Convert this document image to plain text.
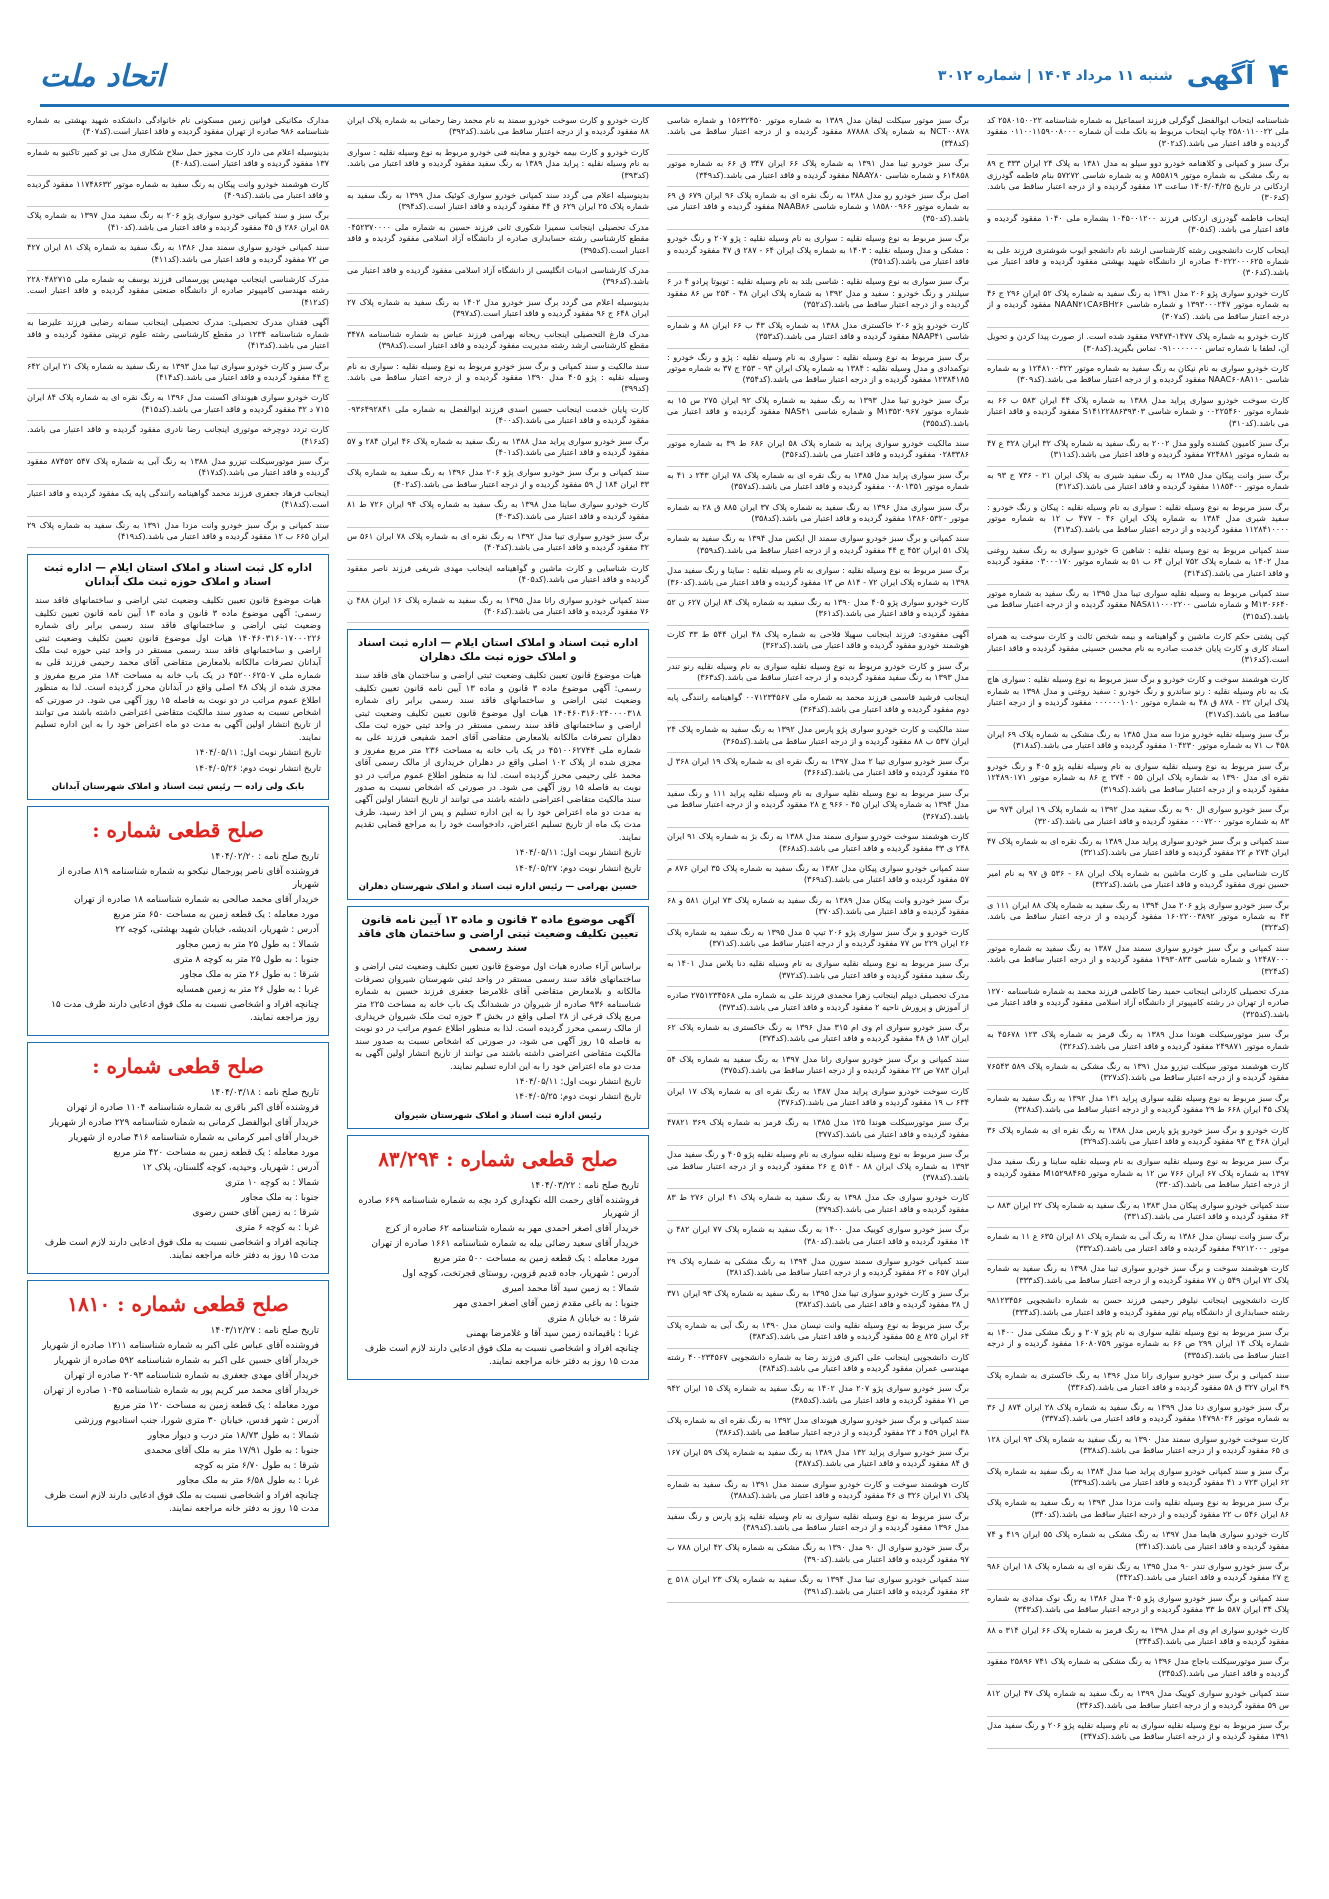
۴
آگهی
شنبه ۱۱ مرداد ۱۴۰۴ | شماره ۳۰۱۲
اتحاد ملت

شناسنامه ایتحاب ابوالفضل گوگرلی فرزند اسماعیل به شماره شناسنامه ۲۵۸۰۱۵۰۰۲۲ کد ملی ۲۵۸۰۱۱۰۰۲۲ چاپ ایتحاب مربوط به بانک ملت آن شماره ۰۱۱۰۰۱۱۵۹۰۰۸۰۰۰ مفقود گردیده و فاقد اعتبار می باشد.(کد۳۰۲)

برگ سبز و کمپانی و کلاهنامه خودرو دوو سیلو به مدل ۱۳۸۱ به پلاک ۲۴ ایران ۳۳۳ ح ۸۹ به رنگ مشکی به شماره موتور ۸۵۵۸۱۹ و به شماره شاسی ۵۷۲۷۲ بنام فاطمه گودرزی اردکانی در تاریخ ۱۴۰۴/۰۴/۲۵ ساعت ۱۳ مفقود گردیده و از درجه اعتبار ساقط می باشد.(کد۳۰۶)

ایتحاب فاطمه گودرزی اردکانی فرزند ۱۰۴۵۰۰۱۲۰۰ بشماره ملی ۱۰۴۰ مفقود گردیده و فاقد اعتبار می باشد. (کد۳۰۵)

ایتحاب کارت دانشجویی رشته کارشناسی ارشد نام دانشجو ایوب شوشتری فرزند علی به شماره ۴۰۲۲۲۰۰۰۶۲۵ صادره از دانشگاه شهید بهشتی مفقود گردیده و فاقد اعتبار می باشد.(کد۳۰۶)

کارت خودرو سواری پژو ۲۰۶ مدل ۱۳۹۱ به رنگ سفید به شماره پلاک ۵۲ ایران ۲۹۶ ج ۴۶ به شماره موتور ۱۳۹۳۰۰۰۲۴۷ و شماره شاسی NAAN۲۱CA۶BH۲۶ مفقود گردیده و از درجه اعتبار ساقط می باشد. (کد۳۰۷)

کارت خودرو به شماره پلاک ۱۴۷۷-۷۹۴۷۴ مفقود شده است. از صورت پیدا کردن و تحویل آن، لطفا با شماره تماس ۰۹۱۰۰۰۰۰۰۰ تماس بگیرید.(کد۳۰۸)

کارت خودرو سواری به نام نیکان به رنگ سفید به شماره موتور ۱۲۴۸۱۰۰۳۲۲ و به شماره شاسی NAAC۶۰۸A۱۱۰ مفقود گردیده و از درجه اعتبار ساقط می باشد.(کد۳۰۹)

کارت سوخت خودرو سواری پراید مدل ۱۳۸۸ به شماره پلاک ۴۴ ایران ۵۸۳ ب ۶۶ به شماره موتور ۰۰۲۲۵۴۶۰ و شماره شاسی S۱۴۱۲۲۸۸۶۳۹۳۰۳ مفقود گردیده و فاقد اعتبار می باشد.(کد۳۱۰)

برگ سبز کامیون کشنده ولوو مدل ۲۰۰۲ به رنگ سفید به شماره پلاک ۳۲ ایران ۳۲۸ ع ۴۷ به شماره موتور ۷۲۴۸۸۱ مفقود گردیده و فاقد اعتبار می باشد.(کد۳۱۱)

برگ سبز وانت پیکان مدل ۱۳۸۵ به رنگ سفید شیری به پلاک ایران ۲۱ - ۷۳۶ ج ۹۳ به شماره موتور ۱۱۸۵۴۰۰ مفقود گردیده و فاقد اعتبار می باشد.(کد۳۱۲)

برگ سبز مربوط به نوع وسیله نقلیه : سواری به نام وسیله نقلیه : پیکان و رنگ خودرو : سفید شیری مدل ۱۳۸۴ به شماره پلاک ایران ۴۶ - ۴۷۷ ب ۱۲ به شماره موتور ۱۱۲۸۴۱۰۰۰۰ مفقود گردیده و از درجه اعتبار ساقط می باشد.(کد۳۱۳)

سند کمپانی مربوط به نوع وسیله نقلیه : شاهین G خودرو سواری به رنگ سفید روغنی مدل ۱۴۰۲ به شماره پلاک ۷۵۲ ایران ۶۴ ب ۵۱ به شماره موتور ۰۳۰۰۰۱۷۰ مفقود گردیده و فاقد اعتبار می باشد.(کد۳۱۴)

سند کمپانی مربوط به وسیله نقلیه سواری تیبا مدل ۱۳۹۵ به رنگ سفید به شماره موتور M۱۳۰۶۶۴۰ و شماره شاسی NAS۸۱۱۰۰۰۲۲۰۰ مفقود گردیده و از درجه اعتبار ساقط می باشد.(کد۳۱۵)

کپی پشتی حکم کارت ماشین و گواهینامه و بیمه شخص ثالث و کارت سوخت به همراه اسناد کاری و کارت پایان خدمت صادره به نام محسن حسینی مفقود گردیده و فاقد اعتبار است.(کد۳۱۶)

کارت هوشمند سوخت و کارت خودرو و برگ سبز مربوط به نوع وسیله نقلیه : سواری هاچ بک به نام وسیله نقلیه : رنو ساندرو و رنگ خودرو : سفید روغنی و مدل ۱۳۹۸ به شماره پلاک ایران ۲۲ - ۸۷۸ ق ۴۸ به شماره موتور ۰۰۰۰۰۰۱۰۱۰ مفقود گردیده و از درجه اعتبار ساقط می باشد.(کد۳۱۷)

برگ سبز وسیله نقلیه خودرو مزدا سه مدل ۱۳۸۵ به رنگ مشکی به شماره پلاک ۶۹ ایران ۴۵۸ ب ۷۱ به شماره موتور ۱۰۴۲۳۰ مفقود گردیده و فاقد اعتبار می باشد.(کد۳۱۸)

برگ سبز مربوط به نوع وسیله نقلیه سواری به نام وسیله نقلیه پژو ۴۰۵ و رنگ خودرو نقره ای مدل ۱۳۹۰ به شماره پلاک ایران ۵۵ - ۳۷۴ ج ۸۶ به شماره موتور ۱۲۴۸۹۰۱۷۱ مفقود گردیده و از درجه اعتبار ساقط می باشد.(کد۳۱۹)

برگ سبز خودرو سواری ال ۹۰ به رنگ سفید مدل ۱۳۹۲ به شماره پلاک ۱۹ ایران ۹۷۴ س ۸۳ به شماره موتور ۰۰۰۷۲۰۰ مفقود گردیده و فاقد اعتبار می باشد.(کد۳۲۰)

سند کمپانی و برگ سبز خودرو سواری پراید مدل ۱۳۸۹ به رنگ نقره ای به شماره پلاک ۴۷ ایران ۲۷۴ م ۲۲ مفقود گردیده و فاقد اعتبار می باشد.(کد۳۲۱)

کارت شناسایی ملی و کارت ماشین به شماره پلاک ایران ۶۸ - ۵۳۶ ق ۹۷ به نام امیر حسین نوری مفقود گردیده و فاقد اعتبار می باشد.(کد۳۲۲)

برگ سبز خودرو سواری پژو ۲۰۶ مدل ۱۳۹۴ به رنگ سفید به شماره پلاک ۸۸ ایران ۱۱۱ ی ۴۳ به شماره موتور ۱۶۰۲۲۰۰۳۸۹۲ مفقود گردیده و از درجه اعتبار ساقط می باشد.(کد۳۲۳)

سند کمپانی و برگ سبز خودرو سواری سمند مدل ۱۳۸۷ به رنگ سفید به شماره موتور ۱۲۴۸۷۰۰۰ و شماره شاسی ۱۴۹۳۰۸۳۳ مفقود گردیده و از درجه اعتبار ساقط می باشد.(کد۳۲۴)

مدرک تحصیلی کاردانی اینجانب حمید رضا کاظمی فرزند محمد به شماره شناسنامه ۱۲۷۰ صادره از تهران در رشته کامپیوتر از دانشگاه آزاد اسلامی مفقود گردیده و فاقد اعتبار می باشد.(کد۳۲۵)

برگ سبز موتورسیکلت هوندا مدل ۱۳۸۹ به رنگ قرمز به شماره پلاک ۱۲۳ ۴۵۶۷۸ به شماره موتور ۲۴۹۸۷۱ مفقود گردیده و فاقد اعتبار می باشد.(کد۳۲۶)

کارت هوشمند موتور سیکلت تیزرو مدل ۱۳۹۱ به رنگ مشکی به شماره پلاک ۵۸۹ ۷۶۵۴۳ مفقود گردیده و از درجه اعتبار ساقط می باشد.(کد۳۲۷)

برگ سبز مربوط به نوع وسیله نقلیه سواری پراید ۱۳۱ مدل ۱۳۹۲ به رنگ سفید به شماره پلاک ۴۵ ایران ۶۶۸ ط ۲۹ مفقود گردیده و از درجه اعتبار ساقط می باشد.(کد۳۲۸)

کارت خودرو و برگ سبز خودرو پژو پارس مدل ۱۳۸۸ به رنگ نقره ای به شماره پلاک ۳۶ ایران ۴۶۸ ج ۹۳ مفقود گردیده و فاقد اعتبار می باشد.(کد۳۲۹)

برگ سبز مربوط به نوع وسیله نقلیه سواری به نام وسیله نقلیه ساینا و رنگ سفید مدل ۱۳۹۷ به شماره پلاک ۶۷ ایران ۷۶۶ س ۱۲ به شماره موتور M۱۵۲۹۸۴۶۵ مفقود گردیده و از درجه اعتبار ساقط می باشد.(کد۳۳۰)

سند کمپانی خودرو سواری پیکان مدل ۱۳۸۳ به رنگ سفید به شماره پلاک ۲۲ ایران ۸۸۳ ب ۶۴ مفقود گردیده و فاقد اعتبار می باشد.(کد۳۳۱)

برگ سبز وانت نیسان مدل ۱۳۸۶ به رنگ آبی به شماره پلاک ۸۱ ایران ۶۳۵ ع ۱۱ به شماره موتور ۴۹۲۱۲۰۰۰ مفقود گردیده و فاقد اعتبار می باشد.(کد۳۳۲)

کارت هوشمند سوخت و برگ سبز خودرو سواری تیبا مدل ۱۳۹۸ به رنگ سفید به شماره پلاک ۷۲ ایران ۵۴۹ ن ۷۷ مفقود گردیده و از درجه اعتبار ساقط می باشد.(کد۳۳۳)

کارت دانشجویی اینجانب نیلوفر رحیمی فرزند حسن به شماره دانشجویی ۹۸۱۲۳۴۵۶ رشته حسابداری از دانشگاه پیام نور مفقود گردیده و فاقد اعتبار می باشد.(کد۳۳۴)

برگ سبز مربوط به نوع وسیله نقلیه سواری به نام پژو ۲۰۷ و رنگ مشکی مدل ۱۴۰۰ به شماره پلاک ۱۴ ایران ۲۹۹ ص ۶۶ به شماره موتور ۱۶۰۸۰۷۵۹ مفقود گردیده و از درجه اعتبار ساقط می باشد.(کد۳۳۵)

سند کمپانی و برگ سبز خودرو سواری رانا مدل ۱۳۹۶ به رنگ خاکستری به شماره پلاک ۴۹ ایران ۳۲۷ ق ۵۸ مفقود گردیده و فاقد اعتبار می باشد.(کد۳۳۶)

برگ سبز خودرو سواری دنا مدل ۱۳۹۹ به رنگ سفید به شماره پلاک ۲۸ ایران ۸۷۴ ل ۳۶ به شماره موتور ۱۴۷۹۸۰۳۶ مفقود گردیده و فاقد اعتبار می باشد.(کد۳۳۷)

کارت سوخت خودرو سواری سمند مدل ۱۳۹۰ به رنگ سفید به شماره پلاک ۹۳ ایران ۱۲۸ ی ۶۵ مفقود گردیده و از درجه اعتبار ساقط می باشد.(کد۳۳۸)

برگ سبز و سند کمپانی خودرو سواری پراید صبا مدل ۱۳۸۴ به رنگ سفید به شماره پلاک ۶۲ ایران ۷۲۳ د ۴۱ مفقود گردیده و فاقد اعتبار می باشد.(کد۳۳۹)

برگ سبز مربوط به نوع وسیله نقلیه وانت مزدا مدل ۱۳۹۳ به رنگ سفید به شماره پلاک ۸۶ ایران ۵۴۶ ب ۲۲ مفقود گردیده و از درجه اعتبار ساقط می باشد.(کد۳۴۰)

کارت خودرو سواری هایما مدل ۱۳۹۷ به رنگ مشکی به شماره پلاک ۵۵ ایران ۴۱۹ و ۷۴ مفقود گردیده و فاقد اعتبار می باشد.(کد۳۴۱)

برگ سبز خودرو سواری تندر ۹۰ مدل ۱۳۹۵ به رنگ نقره ای به شماره پلاک ۱۸ ایران ۹۸۶ ج ۲۷ مفقود گردیده و فاقد اعتبار می باشد.(کد۳۴۲)

سند کمپانی و برگ سبز خودرو سواری پژو ۴۰۵ مدل ۱۳۸۶ به رنگ نوک مدادی به شماره پلاک ۳۴ ایران ۵۸۷ ط ۳۳ مفقود گردیده و از درجه اعتبار ساقط می باشد.(کد۳۴۳)

کارت خودرو سواری ام وی ام مدل ۱۳۹۸ به رنگ قرمز به شماره پلاک ۶۶ ایران ۳۱۴ ه ۸۸ مفقود گردیده و فاقد اعتبار می باشد.(کد۳۴۴)

برگ سبز موتورسیکلت باجاج مدل ۱۳۹۶ به رنگ مشکی به شماره پلاک ۷۴۱ ۲۵۸۹۶ مفقود گردیده و فاقد اعتبار می باشد.(کد۳۴۵)

سند کمپانی خودرو سواری کوییک مدل ۱۳۹۹ به رنگ سفید به شماره پلاک ۴۷ ایران ۸۱۲ س ۵۹ مفقود گردیده و از درجه اعتبار ساقط می باشد.(کد۳۴۶)

برگ سبز مربوط به نوع وسیله نقلیه سواری به نام وسیله نقلیه پژو ۲۰۶ و رنگ سفید مدل ۱۳۹۱ مفقود گردیده و از درجه اعتبار ساقط می باشد.(کد۳۴۷)

برگ سبز موتور سیکلت لیفان مدل ۱۳۸۹ به شماره موتور ۱۵۶۳۲۴۵۰ و شماره شاسی NCT۰۰۸۷۸ به شماره پلاک ۸۷۸۸۸ مفقود گردیده و از درجه اعتبار ساقط می باشد.(کد۳۴۸)

برگ سبز خودرو تیبا مدل ۱۳۹۱ به شماره پلاک ۶۶ ایران ۳۴۷ ق ۶۶ به شماره موتور ۶۱۴۸۵۸ و شماره شاسی NAAY۸۰ مفقود گردیده و فاقد اعتبار می باشد.(کد۳۴۹)

اصل برگ سبز خودرو رو مدل ۱۳۸۸ به رنگ نقره ای به شماره پلاک ۹۶ ایران ۶۷۹ ق ۶۹ به شماره موتور ۱۸۵۸۰۰۹۶۶ و شماره شاسی NAAB۸۶ مفقود گردیده و فاقد اعتبار می باشد.(کد۳۵۰)

برگ سبز مربوط به نوع وسیله نقلیه : سواری به نام وسیله نقلیه : پژو ۲۰۷ و رنگ خودرو : مشکی و مدل وسیله نقلیه : ۱۴۰۳ به شماره پلاک ایران ۶۴ - ۲۸۷ ق ۴۷ مفقود گردیده و فاقد اعتبار می باشد.(کد۳۵۱)

برگ سبز سواری به نوع وسیله نقلیه : شاسی بلند به نام وسیله نقلیه : تویوتا پرادو ۴ در ۶ سیلندر و رنگ خودرو : سفید و مدل ۱۳۹۲ به شماره پلاک ایران ۴۸ - ۲۵۴ س ۸۶ مفقود گردیده و از درجه اعتبار ساقط می باشد.(کد۳۵۲)

کارت خودرو پژو ۲۰۶ خاکستری مدل ۱۳۸۸ به شماره پلاک ۴۳ ب ۶۶ ایران ۸۸ و شماره شاسی NAAP۴۱ مفقود گردیده و فاقد اعتبار می باشد.(کد۳۵۳)

برگ سبز مربوط به نوع وسیله نقلیه : سواری به نام وسیله نقلیه : پژو و رنگ خودرو : نوکمدادی و مدل وسیله نقلیه : ۱۳۸۴ به شماره پلاک ایران ۹۳ - ۲۵۳ ج ۳۷ به شماره موتور ۱۲۳۸۴۱۸۵ مفقود گردیده و از درجه اعتبار ساقط می باشد.(کد۳۵۴)

برگ سبز خودرو تیبا مدل ۱۳۹۳ به رنگ سفید به شماره پلاک ۹۲ ایران ۲۷۵ س ۱۵ به شماره موتور M۱۳۵۲۰۹۶۷ و شماره شاسی NAS۴۱ مفقود گردیده و فاقد اعتبار می باشد.(کد۳۵۵)

سند مالکیت خودرو سواری پراید به شماره پلاک ۵۸ ایران ۶۸۶ ط ۳۹ به شماره موتور ۰۲۸۳۳۸۶ مفقود گردیده و فاقد اعتبار می باشد.(کد۳۵۶)

برگ سبز سواری پراید مدل ۱۳۸۵ به رنگ نقره ای به شماره پلاک ۷۸ ایران ۲۴۳ د ۴۱ به شماره موتور ۰۰۸۰۱۳۵۱ مفقود گردیده و فاقد اعتبار می باشد.(کد۳۵۷)

برگ سبز سواری مدل ۱۳۹۶ به رنگ سفید به شماره پلاک ۳۷ ایران ۸۸۵ ق ۲۸ به شماره موتور ۱۳۸۶۰۵۳۲۰ مفقود گردیده و فاقد اعتبار می باشد.(کد۳۵۸)

سند کمپانی و برگ سبز خودرو سواری سمند ال ایکس مدل ۱۳۹۴ به رنگ سفید به شماره پلاک ۵۱ ایران ۴۵۲ ج ۴۴ مفقود گردیده و از درجه اعتبار ساقط می باشد.(کد۳۵۹)

برگ سبز مربوط به نوع وسیله نقلیه : سواری به نام وسیله نقلیه : ساینا و رنگ سفید مدل ۱۳۹۸ به شماره پلاک ایران ۷۲ - ۸۱۴ ص ۱۳ مفقود گردیده و فاقد اعتبار می باشد.(کد۳۶۰)

کارت خودرو سواری پژو ۴۰۵ مدل ۱۳۹۰ به رنگ سفید به شماره پلاک ۸۴ ایران ۶۲۷ ن ۵۲ مفقود گردیده و فاقد اعتبار می باشد.(کد۳۶۱)

آگهی مفقودی: فرزند اینجانب سهیلا فلاحی به شماره پلاک ۴۸ ایران ۵۴۴ ط ۳۳ کارت هوشمند خودرو مفقود گردیده و فاقد اعتبار می باشد.(کد۳۶۲)

برگ سبز و کارت خودرو مربوط به نوع وسیله نقلیه سواری به نام وسیله نقلیه رنو تندر مدل ۱۳۹۳ به رنگ سفید مفقود گردیده و از درجه اعتبار ساقط می باشد.(کد۳۶۳)

اینجانب فرشید قاسمی فرزند محمد به شماره ملی ۰۰۷۱۲۳۴۵۶۷ گواهینامه رانندگی پایه دوم مفقود گردیده و فاقد اعتبار می باشد.(کد۳۶۴)

سند مالکیت و کارت خودرو سواری پژو پارس مدل ۱۳۹۲ به رنگ سفید به شماره پلاک ۲۴ ایران ۵۳۷ ب ۸۸ مفقود گردیده و از درجه اعتبار ساقط می باشد.(کد۳۶۵)

برگ سبز خودرو سواری تیبا ۲ مدل ۱۳۹۷ به رنگ نقره ای به شماره پلاک ۱۹ ایران ۳۶۸ ل ۲۵ مفقود گردیده و فاقد اعتبار می باشد.(کد۳۶۶)

برگ سبز مربوط به نوع وسیله نقلیه سواری به نام وسیله نقلیه پراید ۱۱۱ و رنگ سفید مدل ۱۳۹۴ به شماره پلاک ایران ۴۵ - ۹۶۶ ج ۲۸ مفقود گردیده و از درجه اعتبار ساقط می باشد.(کد۳۶۷)

کارت هوشمند سوخت خودرو سواری سمند مدل ۱۳۸۸ به رنگ بژ به شماره پلاک ۹۱ ایران ۲۴۸ ی ۳۳ مفقود گردیده و فاقد اعتبار می باشد.(کد۳۶۸)

سند کمپانی خودرو سواری پیکان مدل ۱۳۸۲ به رنگ سفید به شماره پلاک ۳۵ ایران ۸۷۶ م ۵۷ مفقود گردیده و فاقد اعتبار می باشد.(کد۳۶۹)

برگ سبز خودرو وانت پیکان مدل ۱۳۸۹ به رنگ سفید به شماره پلاک ۷۳ ایران ۵۸۱ و ۶۸ مفقود گردیده و فاقد اعتبار می باشد.(کد۳۷۰)

کارت خودرو و برگ سبز سواری پژو ۲۰۶ تیپ ۵ مدل ۱۳۹۵ به رنگ سفید به شماره پلاک ۲۶ ایران ۲۲۹ س ۷۷ مفقود گردیده و از درجه اعتبار ساقط می باشد.(کد۳۷۱)

برگ سبز مربوط به نوع وسیله نقلیه سواری به نام وسیله نقلیه دنا پلاس مدل ۱۴۰۱ به رنگ سفید مفقود گردیده و فاقد اعتبار می باشد.(کد۳۷۲)

مدرک تحصیلی دیپلم اینجانب زهرا محمدی فرزند علی به شماره ملی ۲۷۵۱۲۳۴۵۶۸ صادره از آموزش و پرورش ناحیه ۲ مفقود گردیده و فاقد اعتبار می باشد.(کد۳۷۳)

برگ سبز خودرو سواری ام وی ام ۳۱۵ مدل ۱۳۹۶ به رنگ خاکستری به شماره پلاک ۶۲ ایران ۱۸۳ ق ۴۸ مفقود گردیده و فاقد اعتبار می باشد.(کد۳۷۴)

سند کمپانی و برگ سبز خودرو سواری رانا مدل ۱۳۹۷ به رنگ سفید به شماره پلاک ۵۴ ایران ۷۸۳ ص ۲۲ مفقود گردیده و از درجه اعتبار ساقط می باشد.(کد۳۷۵)

کارت سوخت خودرو سواری پراید مدل ۱۳۸۷ به رنگ نقره ای به شماره پلاک ۱۷ ایران ۶۳۴ ب ۱۹ مفقود گردیده و فاقد اعتبار می باشد.(کد۳۷۶)

برگ سبز موتورسیکلت هوندا ۱۲۵ مدل ۱۳۸۵ به رنگ قرمز به شماره پلاک ۳۶۹ ۴۷۸۲۱ مفقود گردیده و فاقد اعتبار می باشد.(کد۳۷۷)

برگ سبز مربوط به نوع وسیله نقلیه سواری به نام وسیله نقلیه پژو ۴۰۵ و رنگ سفید مدل ۱۳۹۳ به شماره پلاک ایران ۸۸ - ۵۱۴ ج ۲۶ مفقود گردیده و از درجه اعتبار ساقط می باشد.(کد۳۷۸)

کارت خودرو سواری جک مدل ۱۳۹۸ به رنگ سفید به شماره پلاک ۴۱ ایران ۲۷۶ ط ۸۳ مفقود گردیده و فاقد اعتبار می باشد.(کد۳۷۹)

برگ سبز خودرو سواری کوییک مدل ۱۴۰۰ به رنگ سفید به شماره پلاک ۷۷ ایران ۴۸۲ ن ۱۴ مفقود گردیده و فاقد اعتبار می باشد.(کد۳۸۰)

سند کمپانی خودرو سواری سمند سورن مدل ۱۳۹۴ به رنگ مشکی به شماره پلاک ۲۹ ایران ۶۵۷ ه ۶۲ مفقود گردیده و از درجه اعتبار ساقط می باشد.(کد۳۸۱)

برگ سبز و کارت خودرو سواری تیبا مدل ۱۳۹۵ به رنگ سفید به شماره پلاک ۹۳ ایران ۳۷۱ ل ۳۸ مفقود گردیده و فاقد اعتبار می باشد.(کد۳۸۲)

برگ سبز مربوط به نوع وسیله نقلیه وانت نیسان مدل ۱۳۹۰ به رنگ آبی به شماره پلاک ۶۴ ایران ۸۲۵ ع ۵۵ مفقود گردیده و فاقد اعتبار می باشد.(کد۳۸۳)

کارت دانشجویی اینجانب علی اکبری فرزند رضا به شماره دانشجویی ۴۰۰۲۳۴۵۶۷ رشته مهندسی عمران مفقود گردیده و فاقد اعتبار می باشد.(کد۳۸۴)

برگ سبز خودرو سواری پژو ۲۰۷ مدل ۱۴۰۲ به رنگ سفید به شماره پلاک ۱۵ ایران ۹۴۲ ص ۷۱ مفقود گردیده و فاقد اعتبار می باشد.(کد۳۸۵)

سند کمپانی و برگ سبز خودرو سواری هیوندای مدل ۱۳۹۲ به رنگ نقره ای به شماره پلاک ۳۸ ایران ۴۵۹ د ۲۳ مفقود گردیده و از درجه اعتبار ساقط می باشد.(کد۳۸۶)

برگ سبز خودرو سواری پراید ۱۳۲ مدل ۱۳۸۹ به رنگ سفید به شماره پلاک ۵۹ ایران ۱۶۷ ق ۸۴ مفقود گردیده و فاقد اعتبار می باشد.(کد۳۸۷)

کارت هوشمند سوخت و کارت خودرو سواری سمند مدل ۱۳۹۱ به رنگ سفید به شماره پلاک ۷۱ ایران ۳۲۶ ی ۴۶ مفقود گردیده و فاقد اعتبار می باشد.(کد۳۸۸)

برگ سبز مربوط به نوع وسیله نقلیه سواری به نام وسیله نقلیه پژو پارس و رنگ سفید مدل ۱۳۹۶ مفقود گردیده و از درجه اعتبار ساقط می باشد.(کد۳۸۹)

برگ سبز خودرو سواری ال ۹۰ مدل ۱۳۹۰ به رنگ مشکی به شماره پلاک ۴۲ ایران ۷۸۸ ب ۹۷ مفقود گردیده و فاقد اعتبار می باشد.(کد۳۹۰)

سند کمپانی خودرو سواری تیبا مدل ۱۳۹۴ به رنگ سفید به شماره پلاک ۲۳ ایران ۵۱۸ ج ۶۳ مفقود گردیده و فاقد اعتبار می باشد.(کد۳۹۱)

کارت خودرو و کارت سوخت خودرو سمند به نام محمد رضا رحمانی به شماره پلاک ایران ۸۸ مفقود گردیده و از درجه اعتبار ساقط می باشد.(کد۳۹۲)

کارت خودرو و کارت بیمه خودرو و معاینه فنی خودرو مربوط به نوع وسیله نقلیه : سواری به نام وسیله نقلیه : پراید مدل ۱۳۸۹ به رنگ سفید مفقود گردیده و فاقد اعتبار می باشد.(کد۳۹۳)

بدینوسیله اعلام می گردد سند کمپانی خودرو سواری کوئیک مدل ۱۳۹۹ به رنگ سفید به شماره پلاک ۲۵ ایران ۶۲۹ ق ۴۴ مفقود گردیده و فاقد اعتبار است.(کد۳۹۴)

مدرک تحصیلی اینجانب سمیرا شکوری ثانی فرزند حسین به شماره ملی ۰۴۵۲۳۷۰۰۰۰ مقطع کارشناسی رشته حسابداری صادره از دانشگاه آزاد اسلامی مفقود گردیده و فاقد اعتبار است.(کد۳۹۵)

مدرک کارشناسی ادبیات انگلیسی از دانشگاه آزاد اسلامی مفقود گردیده و فاقد اعتبار می باشد.(کد۳۹۶)

بدینوسیله اعلام می گردد برگ سبز خودرو مدل ۱۴۰۲ به رنگ سفید به شماره پلاک ۲۷ ایران ۶۴۸ ج ۹۶ مفقود گردیده و فاقد اعتبار است.(کد۳۹۷)

مدرک فارغ التحصیلی اینجانب ریحانه بهرامی فرزند عباس به شماره شناسنامه ۳۴۷۸ مقطع کارشناسی ارشد رشته مدیریت مفقود گردیده و فاقد اعتبار است.(کد۳۹۸)

سند مالکیت و سند کمپانی و برگ سبز خودرو مربوط به نوع وسیله نقلیه : سواری به نام وسیله نقلیه : پژو ۴۰۵ مدل ۱۳۹۰ مفقود گردیده و از درجه اعتبار ساقط می باشد.(کد۳۹۹)

کارت پایان خدمت اینجانب حسین اسدی فرزند ابوالفضل به شماره ملی ۰۹۳۶۴۹۲۸۴۱ مفقود گردیده و فاقد اعتبار می باشد.(کد۴۰۰)

برگ سبز خودرو سواری پراید مدل ۱۳۸۸ به رنگ سفید به شماره پلاک ۴۶ ایران ۲۸۴ و ۵۷ مفقود گردیده و فاقد اعتبار می باشد.(کد۴۰۱)

سند کمپانی و برگ سبز خودرو سواری پژو ۲۰۶ مدل ۱۳۹۶ به رنگ سفید به شماره پلاک ۳۳ ایران ۱۸۴ ل ۵۹ مفقود گردیده و از درجه اعتبار ساقط می باشد.(کد۴۰۲)

کارت خودرو سواری ساینا مدل ۱۳۹۸ به رنگ سفید به شماره پلاک ۹۴ ایران ۷۲۶ ط ۸۱ مفقود گردیده و فاقد اعتبار می باشد.(کد۴۰۳)

برگ سبز خودرو سواری تیبا مدل ۱۳۹۲ به رنگ نقره ای به شماره پلاک ۷۸ ایران ۵۶۱ س ۳۲ مفقود گردیده و فاقد اعتبار می باشد.(کد۴۰۴)

کارت شناسایی و کارت ماشین و گواهینامه اینجانب مهدی شریفی فرزند ناصر مفقود گردیده و فاقد اعتبار می باشد.(کد۴۰۵)

سند کمپانی خودرو سواری رانا مدل ۱۳۹۵ به رنگ سفید به شماره پلاک ۱۶ ایران ۴۸۸ ن ۷۶ مفقود گردیده و فاقد اعتبار می باشد.(کد۴۰۶)

اداره ثبت اسناد و املاک استان ایلام — اداره ثبت اسناد و املاک حوزه ثبت ملک دهلران

هیات موضوع قانون تعیین تکلیف وضعیت ثبتی اراضی و ساختمان های فاقد سند رسمی: آگهی موضوع ماده ۳ قانون و ماده ۱۳ آیین نامه قانون تعیین تکلیف وضعیت ثبتی اراضی و ساختمانهای فاقد سند رسمی برابر رای شماره ۱۴۰۴۶۰۳۱۶۰۲۴۰۰۰۰۳۱۸ هیات اول موضوع قانون تعیین تکلیف وضعیت ثبتی اراضی و ساختمانهای فاقد سند رسمی مستقر در واحد ثبتی حوزه ثبت ملک دهلران تصرفات مالکانه بلامعارض متقاضی آقای احمد شفیعی فرزند علی به شماره ملی ۴۵۱۰۰۶۲۷۴۴ در یک باب خانه به مساحت ۲۳۶ متر مربع مفروز و مجزی شده از پلاک ۱۰۲ اصلی واقع در دهلران خریداری از مالک رسمی آقای محمد علی رحیمی محرز گردیده است. لذا به منظور اطلاع عموم مراتب در دو نوبت به فاصله ۱۵ روز آگهی می شود. در صورتی که اشخاص نسبت به صدور سند مالکیت متقاضی اعتراضی داشته باشند می توانند از تاریخ انتشار اولین آگهی به مدت دو ماه اعتراض خود را به این اداره تسلیم و پس از اخذ رسید، ظرف مدت یک ماه از تاریخ تسلیم اعتراض، دادخواست خود را به مراجع قضایی تقدیم نمایند.

تاریخ انتشار نوبت اول: ۱۴۰۴/۰۵/۱۱

تاریخ انتشار نوبت دوم: ۱۴۰۴/۰۵/۲۷

حسین بهرامی — رئیس اداره ثبت اسناد و املاک شهرستان دهلران
آگهی موضوع ماده ۳ قانون و ماده ۱۳ آیین نامه قانون تعیین تکلیف وضعیت ثبتی اراضی و ساختمان های فاقد سند رسمی

براساس آراء صادره هیات اول موضوع قانون تعیین تکلیف وضعیت ثبتی اراضی و ساختمانهای فاقد سند رسمی مستقر در واحد ثبتی شهرستان شیروان تصرفات مالکانه و بلامعارض متقاضی آقای غلامرضا جعفری فرزند حسین به شماره شناسنامه ۹۳۶ صادره از شیروان در ششدانگ یک باب خانه به مساحت ۲۲۵ متر مربع پلاک فرعی از ۲۸ اصلی واقع در بخش ۳ حوزه ثبت ملک شیروان خریداری از مالک رسمی محرز گردیده است. لذا به منظور اطلاع عموم مراتب در دو نوبت به فاصله ۱۵ روز آگهی می شود، در صورتی که اشخاص نسبت به صدور سند مالکیت متقاضی اعتراضی داشته باشند می توانند از تاریخ انتشار اولین آگهی به مدت دو ماه اعتراض خود را به این اداره تسلیم نمایند.

تاریخ انتشار نوبت اول: ۱۴۰۴/۰۵/۱۱

تاریخ انتشار نوبت دوم: ۱۴۰۴/۰۵/۲۵

رئیس اداره ثبت اسناد و املاک شهرستان شیروان
صلح قطعی شماره : ۸۳/۲۹۴

تاریخ صلح نامه : ۱۴۰۴/۰۳/۲۲

فروشنده آقای رحمت الله نکهداری کرد بچه به شماره شناسنامه ۶۶۹ صادره از شهریار

خریدار آقای اصغر احمدی مهر به شماره شناسنامه ۶۲ صادره از کرج

خریدار آقای سعید رضائی بیله به شماره شناسنامه ۱۶۶۱ صادره از تهران

مورد معامله : یک قطعه زمین به مساحت ۵۰۰ متر مربع

آدرس : شهریار، جاده قدیم قزوین، روستای قجرتخت، کوچه اول

شمالا : به زمین سید آقا محمد امیری

جنوبا : به باغی مقدم زمین آقای اصغر احمدی مهر

شرقا : به خیابان ۸ متری

غربا : باقیمانده زمین سید آقا و غلامرضا بهمنی

چنانچه افراد و اشخاصی نسبت به ملک فوق ادعایی دارند لازم است ظرف مدت ۱۵ روز به دفتر خانه مراجعه نمایند.

مدارک مکانیکی قوانین زمین مسکونی نام خانوادگی دانشکده شهید بهشتی به شماره شناسنامه ۹۸۶ صادره از تهران مفقود گردیده و فاقد اعتبار است.(کد۴۰۷)

بدینوسیله اعلام می دارد کارت مجوز حمل سلاح شکاری مدل بی تو کمپر تاکنیو به شماره ۱۳۷ مفقود گردیده و فاقد اعتبار است.(کد۴۰۸)

کارت هوشمند خودرو وانت پیکان به رنگ سفید به شماره موتور ۱۱۷۴۸۶۳۲ مفقود گردیده و فاقد اعتبار می باشد.(کد۴۰۹)

برگ سبز و سند کمپانی خودرو سواری پژو ۲۰۶ به رنگ سفید مدل ۱۳۹۷ به شماره پلاک ۵۸ ایران ۲۸۶ ق ۴۵ مفقود گردیده و فاقد اعتبار می باشد.(کد۴۱۰)

سند کمپانی خودرو سواری سمند مدل ۱۳۸۶ به رنگ سفید به شماره پلاک ۸۱ ایران ۴۲۷ ص ۷۲ مفقود گردیده و فاقد اعتبار می باشد.(کد۴۱۱)

مدرک کارشناسی اینجانب مهدیس پورسمائی فرزند یوسف به شماره ملی ۲۲۸۰۴۸۲۷۱۵ رشته مهندسی کامپیوتر صادره از دانشگاه صنعتی مفقود گردیده و فاقد اعتبار است.(کد۴۱۲)

آگهی فقدان مدرک تحصیلی: مدرک تحصیلی اینجانب سمانه رضایی فرزند علیرضا به شماره شناسنامه ۱۲۳۴ در مقطع کارشناسی رشته علوم تربیتی مفقود گردیده و فاقد اعتبار می باشد.(کد۴۱۳)

برگ سبز و کارت خودرو سواری تیبا مدل ۱۳۹۳ به رنگ سفید به شماره پلاک ۲۱ ایران ۶۴۲ ج ۴۴ مفقود گردیده و فاقد اعتبار می باشد.(کد۴۱۴)

کارت خودرو سواری هیوندای اکسنت مدل ۱۳۹۶ به رنگ نقره ای به شماره پلاک ۸۴ ایران ۷۱۵ د ۳۲ مفقود گردیده و فاقد اعتبار می باشد.(کد۴۱۵)

کارت تردد دوچرخه موتوری اینجانب رضا نادری مفقود گردیده و فاقد اعتبار می باشد.(کد۴۱۶)

برگ سبز موتورسیکلت تیزرو مدل ۱۳۸۸ به رنگ آبی به شماره پلاک ۵۴۷ ۸۷۴۵۲ مفقود گردیده و فاقد اعتبار می باشد.(کد۴۱۷)

اینجانب فرهاد جعفری فرزند محمد گواهینامه رانندگی پایه یک مفقود گردیده و فاقد اعتبار است.(کد۴۱۸)

سند کمپانی و برگ سبز خودرو وانت مزدا مدل ۱۳۹۱ به رنگ سفید به شماره پلاک ۲۹ ایران ۶۶۵ ب ۱۲ مفقود گردیده و فاقد اعتبار می باشد.(کد۴۱۹)

اداره کل ثبت اسناد و املاک استان ایلام — اداره ثبت اسناد و املاک حوزه ثبت ملک آبدانان

هیات موضوع قانون تعیین تکلیف وضعیت ثبتی اراضی و ساختمانهای فاقد سند رسمی: آگهی موضوع ماده ۳ قانون و ماده ۱۳ آیین نامه قانون تعیین تکلیف وضعیت ثبتی اراضی و ساختمانهای فاقد سند رسمی برابر رای شماره ۱۴۰۴۶۰۳۱۶۰۱۷۰۰۰۲۲۶ هیات اول موضوع قانون تعیین تکلیف وضعیت ثبتی اراضی و ساختمانهای فاقد سند رسمی مستقر در واحد ثبتی حوزه ثبت ملک آبدانان تصرفات مالکانه بلامعارض متقاضی آقای محمد رحیمی فرزند قلی به شماره ملی ۴۵۲۰۰۶۲۵۰۷ در یک باب خانه به مساحت ۱۸۴ متر مربع مفروز و مجزی شده از پلاک ۴۸ اصلی واقع در آبدانان محرز گردیده است. لذا به منظور اطلاع عموم مراتب در دو نوبت به فاصله ۱۵ روز آگهی می شود. در صورتی که اشخاص نسبت به صدور سند مالکیت متقاضی اعتراضی داشته باشند می توانند از تاریخ انتشار اولین آگهی به مدت دو ماه اعتراض خود را به این اداره تسلیم نمایند.

تاریخ انتشار نوبت اول: ۱۴۰۴/۰۵/۱۱

تاریخ انتشار نوبت دوم: ۱۴۰۴/۰۵/۲۶

بابک ولی زاده — رئیس ثبت اسناد و املاک شهرستان آبدانان
صلح قطعی شماره :

تاریخ صلح نامه : ۱۴۰۴/۰۲/۲۰

فروشنده آقای ناصر پورجمال نیکجو به شماره شناسنامه ۸۱۹ صادره از شهریار

خریدار آقای محمد صالحی به شماره شناسنامه ۱۸ صادره از تهران

مورد معامله : یک قطعه زمین به مساحت ۶۵۰ متر مربع

آدرس : شهریار، اندیشه، خیابان شهید بهشتی، کوچه ۲۲

شمالا : به طول ۲۵ متر به زمین مجاور

جنوبا : به طول ۲۵ متر به کوچه ۸ متری

شرقا : به طول ۲۶ متر به ملک مجاور

غربا : به طول ۲۶ متر به زمین همسایه

چنانچه افراد و اشخاصی نسبت به ملک فوق ادعایی دارند ظرف مدت ۱۵ روز مراجعه نمایند.

صلح قطعی شماره :

تاریخ صلح نامه : ۱۴۰۴/۰۳/۱۸

فروشنده آقای اکبر باقری به شماره شناسنامه ۱۱۰۴ صادره از تهران

خریدار آقای ابوالفضل کرمانی به شماره شناسنامه ۲۲۹ صادره از شهریار

خریدار آقای امیر کرمانی به شماره شناسنامه ۴۱۶ صادره از شهریار

مورد معامله : یک قطعه زمین به مساحت ۴۲۰ متر مربع

آدرس : شهریار، وحیدیه، کوچه گلستان، پلاک ۱۲

شمالا : به کوچه ۱۰ متری

جنوبا : به ملک مجاور

شرقا : به زمین آقای حسن رضوی

غربا : به کوچه ۶ متری

چنانچه افراد و اشخاصی نسبت به ملک فوق ادعایی دارند لازم است ظرف مدت ۱۵ روز به دفتر خانه مراجعه نمایند.

صلح قطعی شماره : ۱۸۱۰

تاریخ صلح نامه : ۱۴۰۳/۱۲/۲۷

فروشنده آقای عباس علی اکبر به شماره شناسنامه ۱۲۱۱ صادره از شهریار

خریدار آقای حسین علی اکبر به شماره شناسنامه ۵۹۲ صادره از شهریار

خریدار آقای مهدی جعفری به شماره شناسنامه ۲۰۹۳ صادره از تهران

خریدار آقای محمد میر کریم پور به شماره شناسنامه ۱۰۴۵ صادره از تهران

مورد معامله : یک قطعه زمین به مساحت ۱۲۰ متر مربع

آدرس : شهر قدس، خیابان ۳۰ متری شورا، جنب استادیوم ورزشی

شمالا : به طول ۱۸/۷۳ متر درب و دیوار مجاور

جنوبا : به طول ۱۷/۹۱ متر به ملک آقای محمدی

شرقا : به طول ۶/۷۰ متر به کوچه

غربا : به طول ۶/۵۸ متر به ملک مجاور

چنانچه افراد و اشخاصی نسبت به ملک فوق ادعایی دارند لازم است ظرف مدت ۱۵ روز به دفتر خانه مراجعه نمایند.
